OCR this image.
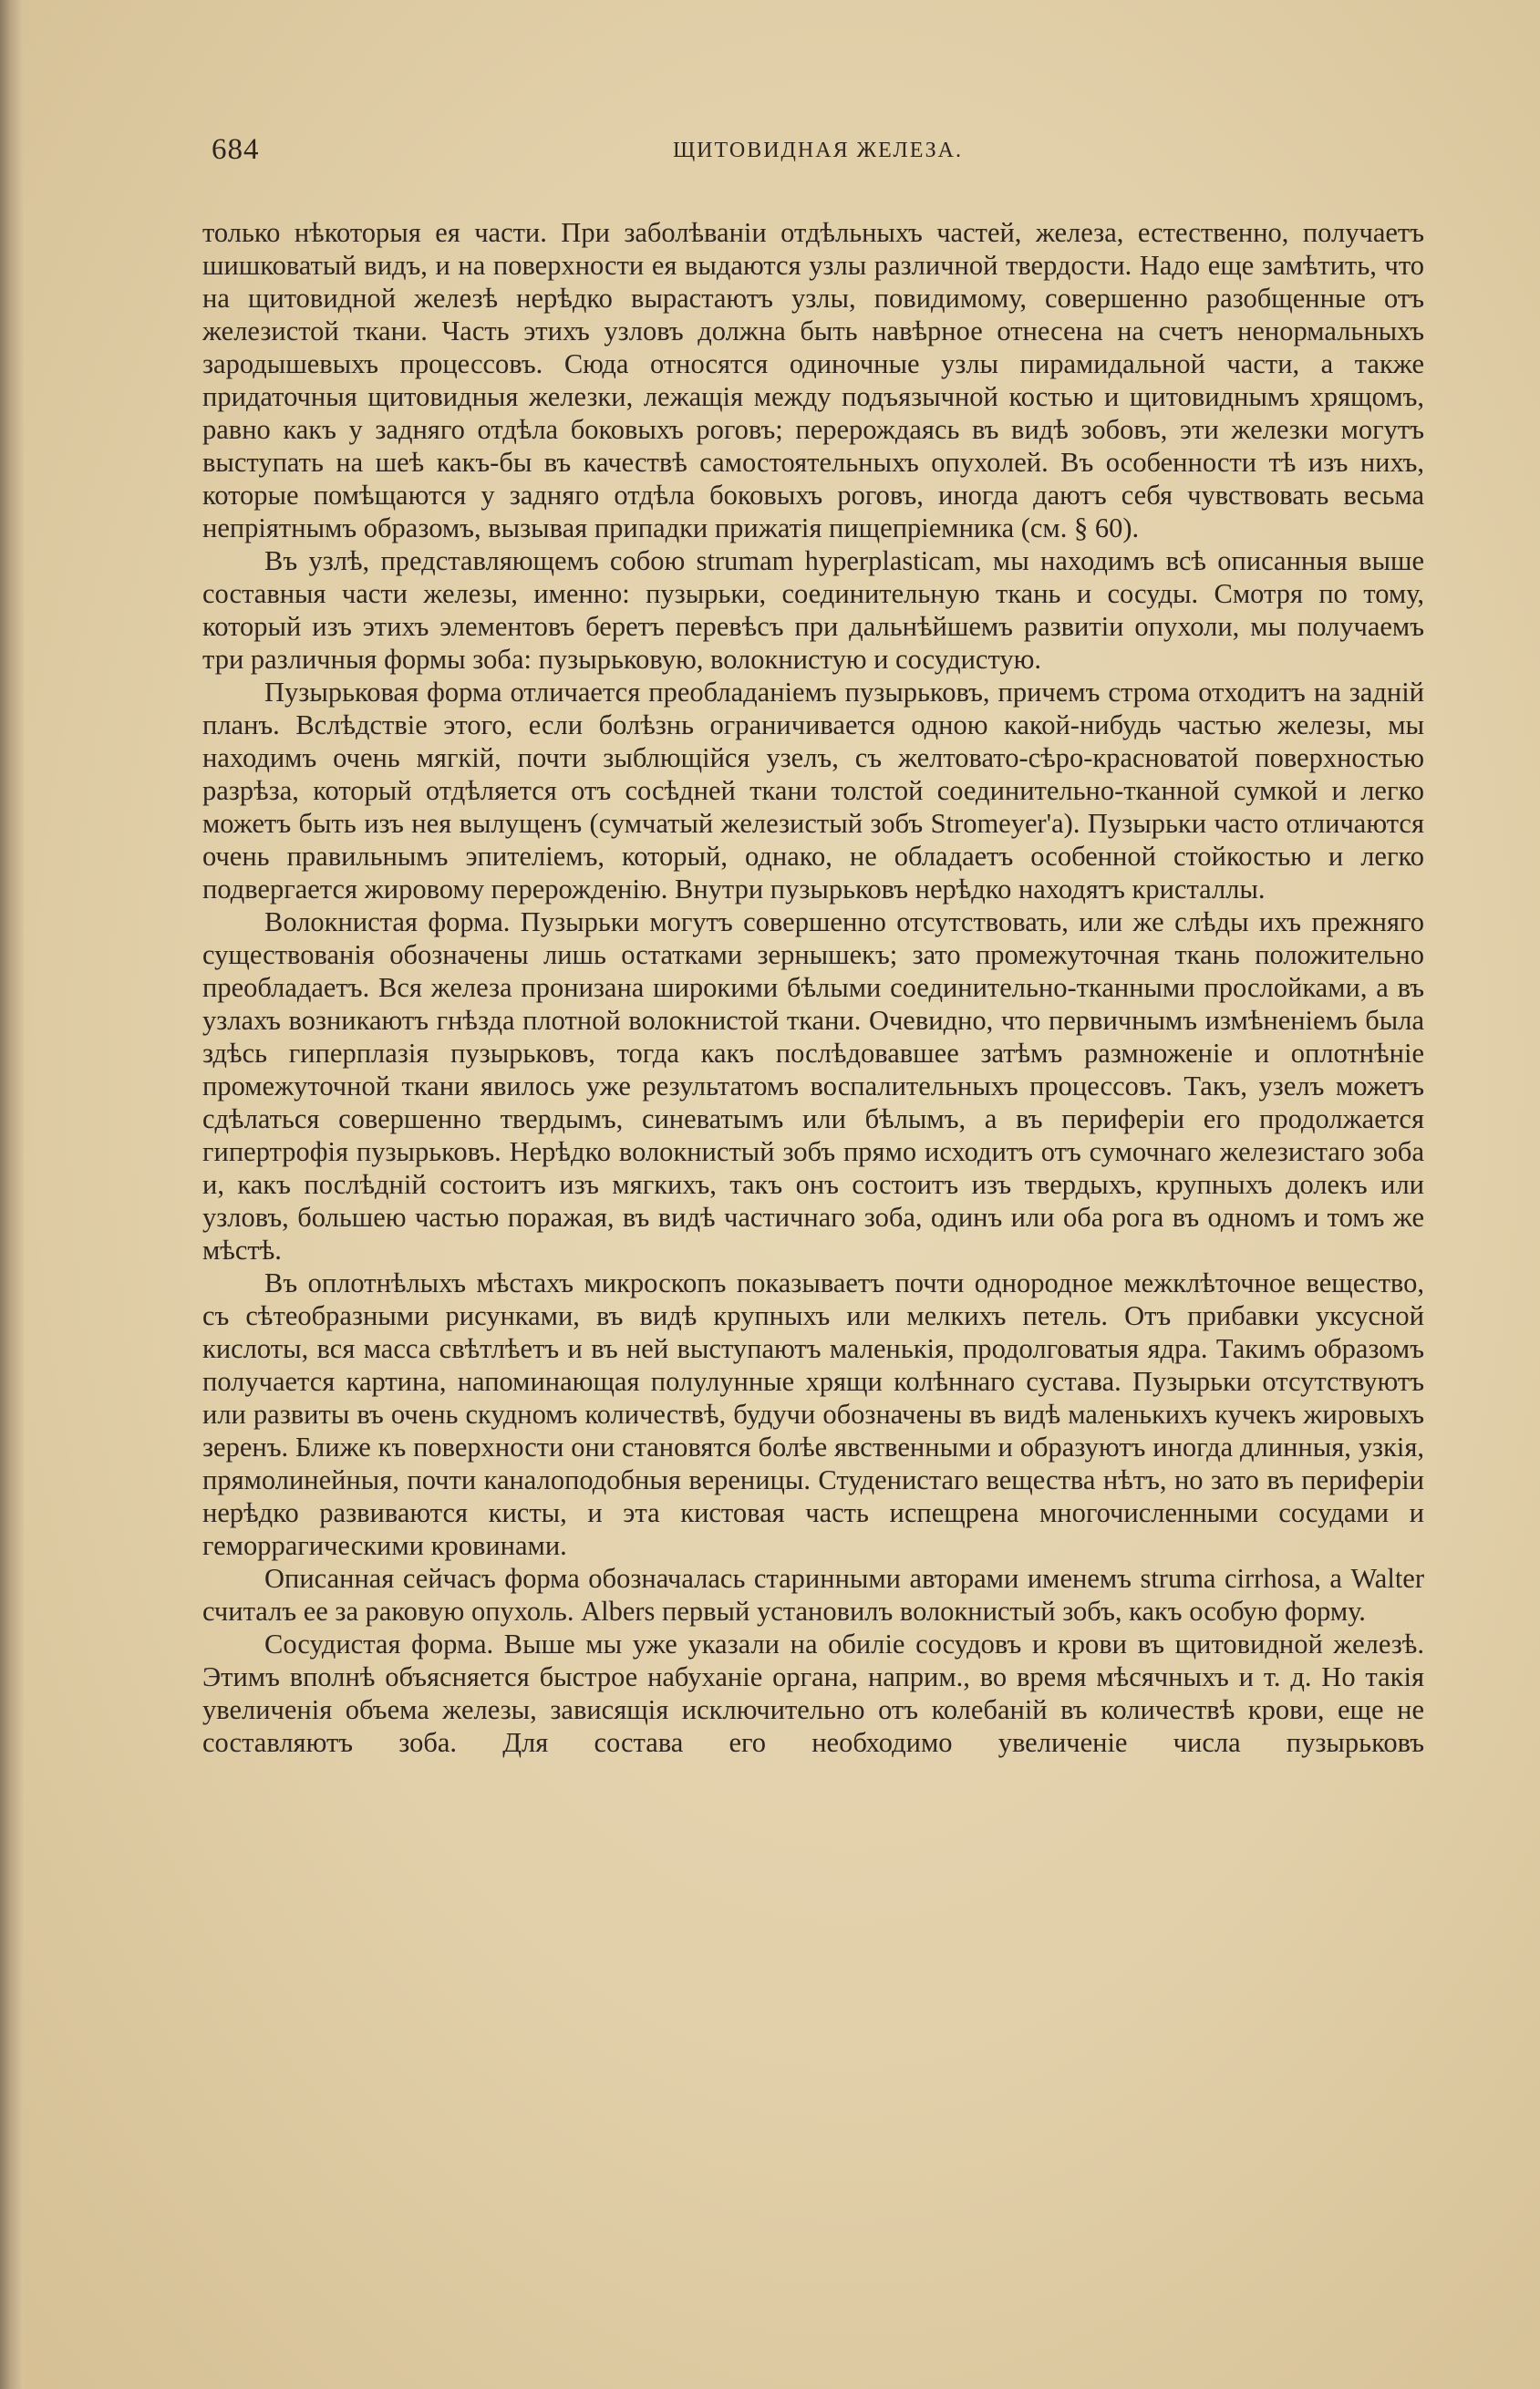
684	ЩИТОВИДНАЯ ЖЕЛЕЗА.

только нѣкоторыя ея части. При заболѣваніи отдѣльныхъ частей, железа, естественно, получаетъ шишковатый видъ, и на поверхности ея выдаются узлы различной твердости. Надо еще замѣтить, что на щитовидной железѣ нерѣдко вырастаютъ узлы, повидимому, совершенно разобщенные отъ железистой ткани. Часть этихъ узловъ должна быть навѣрное отнесена на счетъ ненормальныхъ зародышевыхъ процессовъ. Сюда относятся одиночные узлы пирамидальной части, а также придаточныя щитовидныя железки, лежащія между подъязычной костью и щитовиднымъ хрящомъ, равно какъ у задняго отдѣла боковыхъ роговъ; перерождаясь въ видѣ зобовъ, эти железки могутъ выступать на шеѣ какъ-бы въ качествѣ самостоятельныхъ опухолей. Въ особенности тѣ изъ нихъ, которые помѣщаются у задняго отдѣла боковыхъ роговъ, иногда даютъ себя чувствовать весьма непріятнымъ образомъ, вызывая припадки прижатія пищепріемника (см. § 60).

Въ узлѣ, представляющемъ собою strumam hyperplasticam, мы находимъ всѣ описанныя выше составныя части железы, именно: пузырьки, соединительную ткань и сосуды. Смотря по тому, который изъ этихъ элементовъ беретъ перевѣсъ при дальнѣйшемъ развитіи опухоли, мы получаемъ три различныя формы зоба: пузырьковую, волокнистую и сосудистую.

Пузырьковая форма отличается преобладаніемъ пузырьковъ, причемъ строма отходитъ на задній планъ. Вслѣдствіе этого, если болѣзнь ограничивается одною какой-нибудь частью железы, мы находимъ очень мягкій, почти зыблющійся узелъ, съ желтовато-сѣро-красноватой поверхностью разрѣза, который отдѣляется отъ сосѣдней ткани толстой соединительно-тканной сумкой и легко можетъ быть изъ нея вылущенъ (сумчатый железистый зобъ Stromeyer'а). Пузырьки часто отличаются очень правильнымъ эпителіемъ, который, однако, не обладаетъ особенной стойкостью и легко подвергается жировому перерожденію. Внутри пузырьковъ нерѣдко находятъ кристаллы.

Волокнистая форма. Пузырьки могутъ совершенно отсутствовать, или же слѣды ихъ прежняго существованія обозначены лишь остатками зернышекъ; зато промежуточная ткань положительно преобладаетъ. Вся железа пронизана широкими бѣлыми соединительно-тканными прослойками, а въ узлахъ возникаютъ гнѣзда плотной волокнистой ткани. Очевидно, что первичнымъ измѣненіемъ была здѣсь гиперплазія пузырьковъ, тогда какъ послѣдовавшее затѣмъ размноженіе и оплотнѣніе промежуточной ткани явилось уже результатомъ воспалительныхъ процессовъ. Такъ, узелъ можетъ сдѣлаться совершенно твердымъ, синеватымъ или бѣлымъ, а въ периферіи его продолжается гипертрофія пузырьковъ. Нерѣдко волокнистый зобъ прямо исходитъ отъ сумочнаго железистаго зоба и, какъ послѣдній состоитъ изъ мягкихъ, такъ онъ состоитъ изъ твердыхъ, крупныхъ долекъ или узловъ, большею частью поражая, въ видѣ частичнаго зоба, одинъ или оба рога въ одномъ и томъ же мѣстѣ.

Въ оплотнѣлыхъ мѣстахъ микроскопъ показываетъ почти однородное межклѣточное вещество, съ сѣтеобразными рисунками, въ видѣ крупныхъ или мелкихъ петель. Отъ прибавки уксусной кислоты, вся масса свѣтлѣетъ и въ ней выступаютъ маленькія, продолговатыя ядра. Такимъ образомъ получается картина, напоминающая полулунные хрящи колѣннаго сустава. Пузырьки отсутствуютъ или развиты въ очень скудномъ количествѣ, будучи обозначены въ видѣ маленькихъ кучекъ жировыхъ зеренъ. Ближе къ поверхности они становятся болѣе явственными и образуютъ иногда длинныя, узкія, прямолинейныя, почти каналоподобныя вереницы. Студенистаго вещества нѣтъ, но зато въ периферіи нерѣдко развиваются кисты, и эта кистовая часть испещрена многочисленными сосудами и геморрагическими кровинами.

Описанная сейчасъ форма обозначалась старинными авторами именемъ struma cirrhosa, а Walter считалъ ее за раковую опухоль. Albers первый установилъ волокнистый зобъ, какъ особую форму.

Сосудистая форма. Выше мы уже указали на обиліе сосудовъ и крови въ щитовидной железѣ. Этимъ вполнѣ объясняется быстрое набуханіе органа, наприм., во время мѣсячныхъ и т. д. Но такія увеличенія объема железы, зависящія исключительно отъ колебаній въ количествѣ крови, еще не составляютъ зоба. Для состава его необходимо увеличеніе числа пузырьковъ
